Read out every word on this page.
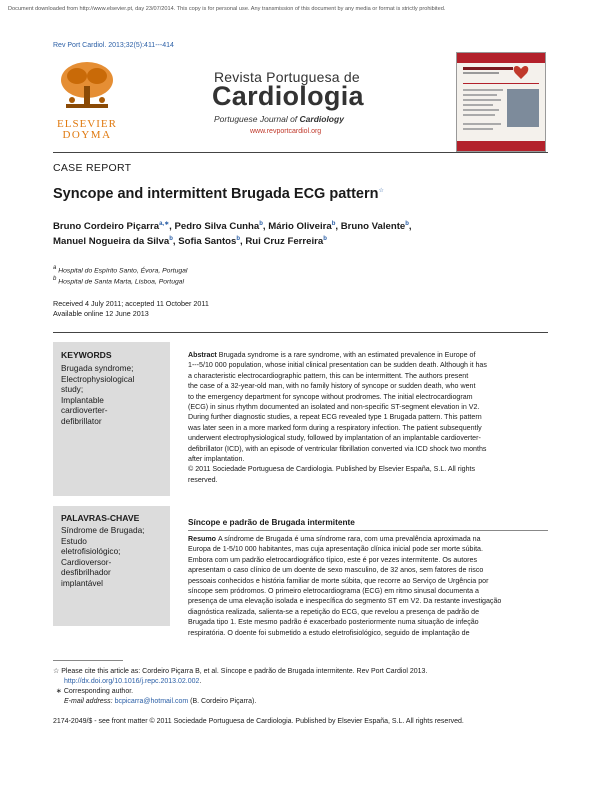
Document downloaded from http://www.elsevier.pt, day 23/07/2014. This copy is for personal use. Any transmission of this document by any media or format is strictly prohibited.
Rev Port Cardiol. 2013;32(5):411---414
ELSEVIER
DOYMA
Revista Portuguesa de
Cardiologia
Portuguese Journal of Cardiology
www.revportcardiol.org
CASE REPORT
Syncope and intermittent Brugada ECG pattern☆
Bruno Cordeiro Piçarra$^{a,∗}$, Pedro Silva Cunha$^b$, Mário Oliveira$^b$, Bruno Valente$^b$,
Manuel Nogueira da Silva$^b$, Sofia Santos$^b$, Rui Cruz Ferreira$^b$
a Hospital do Espírito Santo, Évora, Portugal
b Hospital de Santa Marta, Lisboa, Portugal
Received 4 July 2011; accepted 11 October 2011
Available online 12 June 2013
KEYWORDS
Brugada syndrome;
Electrophysiological
study;
Implantable
cardioverter-
defibrillator
Abstract Brugada syndrome is a rare syndrome, with an estimated prevalence in Europe of
1---5/10 000 population, whose initial clinical presentation can be sudden death. Although it has
a characteristic electrocardiographic pattern, this can be intermittent. The authors present
the case of a 32-year-old man, with no family history of syncope or sudden death, who went
to the emergency department for syncope without prodromes. The initial electrocardiogram
(ECG) in sinus rhythm documented an isolated and non-specific ST-segment elevation in V2.
During further diagnostic studies, a repeat ECG revealed type 1 Brugada pattern. This pattern
was later seen in a more marked form during a respiratory infection. The patient subsequently
underwent electrophysiological study, followed by implantation of an implantable cardioverter-
defibrillator (ICD), with an episode of ventricular fibrillation converted via ICD shock two months
after implantation.
© 2011 Sociedade Portuguesa de Cardiologia. Published by Elsevier España, S.L. All rights
reserved.
PALAVRAS-CHAVE
Síndrome de Brugada;
Estudo
eletrofisiológico;
Cardioversor-
desfibrilhador
implantável
Síncope e padrão de Brugada intermitente
Resumo A síndrome de Brugada é uma síndrome rara, com uma prevalência aproximada na
Europa de 1-5/10 000 habitantes, mas cuja apresentação clínica inicial pode ser morte súbita.
Embora com um padrão eletrocardiográfico típico, este é por vezes intermitente. Os autores
apresentam o caso clínico de um doente de sexo masculino, de 32 anos, sem fatores de risco
pessoais conhecidos e história familiar de morte súbita, que recorre ao Serviço de Urgência por
síncope sem pródromos. O primeiro eletrocardiograma (ECG) em ritmo sinusal documenta a
presença de uma elevação isolada e inespecífica do segmento ST em V2. Da restante investigação
diagnóstica realizada, salienta-se a repetição do ECG, que revelou a presença de padrão de
Brugada tipo 1. Este mesmo padrão é exacerbado posteriormente numa situação de infeção
respiratória. O doente foi submetido a estudo eletrofisiológico, seguido de implantação de
☆ Please cite this article as: Cordeiro Piçarra B, et al. Síncope e padrão de Brugada intermitente. Rev Port Cardiol 2013.
http://dx.doi.org/10.1016/j.repc.2013.02.002.
∗ Corresponding author.
E-mail address: bcpicarra@hotmail.com (B. Cordeiro Piçarra).
2174-2049/$ - see front matter © 2011 Sociedade Portuguesa de Cardiologia. Published by Elsevier España, S.L. All rights reserved.
